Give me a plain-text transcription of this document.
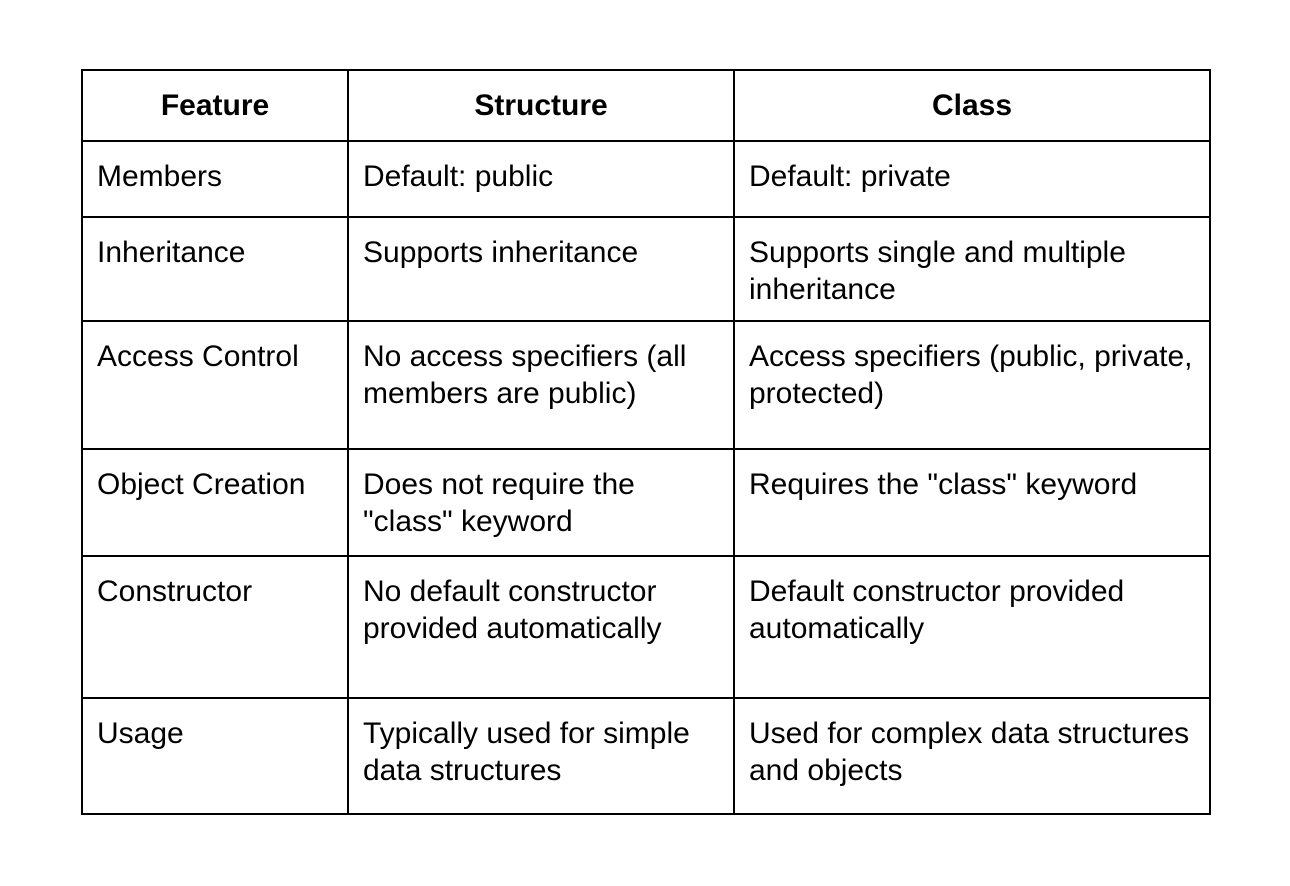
Feature	Structure	Class
Members	Default: public	Default: private
Inheritance	Supports inheritance	Supports single and multiple inheritance
Access Control	No access specifiers (all members are public)	Access specifiers (public, private, protected)
Object Creation	Does not require the "class" keyword	Requires the "class" keyword
Constructor	No default constructor provided automatically	Default constructor provided automatically
Usage	Typically used for simple data structures	Used for complex data structures and objects
